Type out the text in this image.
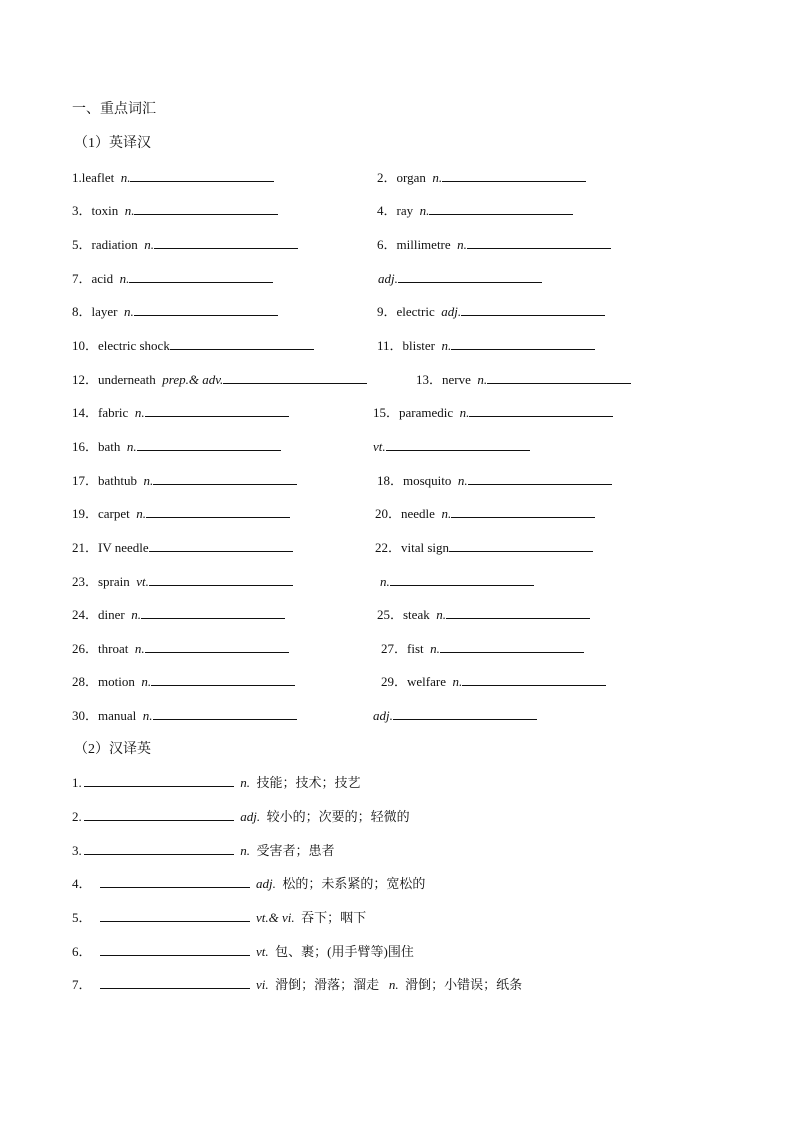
一、重点词汇
（1）英译汉
1.leaflet n.	2．organ n.
3．toxin n.	4．ray n.
5．radiation n.	6．millimetre n.
7．acid n.	adj.
8．layer n.	9．electric adj.
10．electric shock	11．blister n.
12．underneath prep.& adv.	13．nerve n.
14．fabric n.	15．paramedic n.
16．bath n.	vt.
17．bathtub n.	18．mosquito n.
19．carpet n.	20．needle n.
21．IV needle	22．vital sign
23．sprain vt.	n.
24．diner n.	25．steak n.
26．throat n.	27．fist n.
28．motion n.	29．welfare n.
30．manual n.	adj.
（2）汉译英
1.	n. 技能；技术；技艺
2.	adj. 较小的；次要的；轻微的
3.	n. 受害者；患者
4．	adj. 松的；未系紧的；宽松的
5．	vt.& vi. 吞下；咽下
6．	vt. 包、裹；(用手臂等)围住
7．	vi. 滑倒；滑落；溜走 n. 滑倒；小错误；纸条
